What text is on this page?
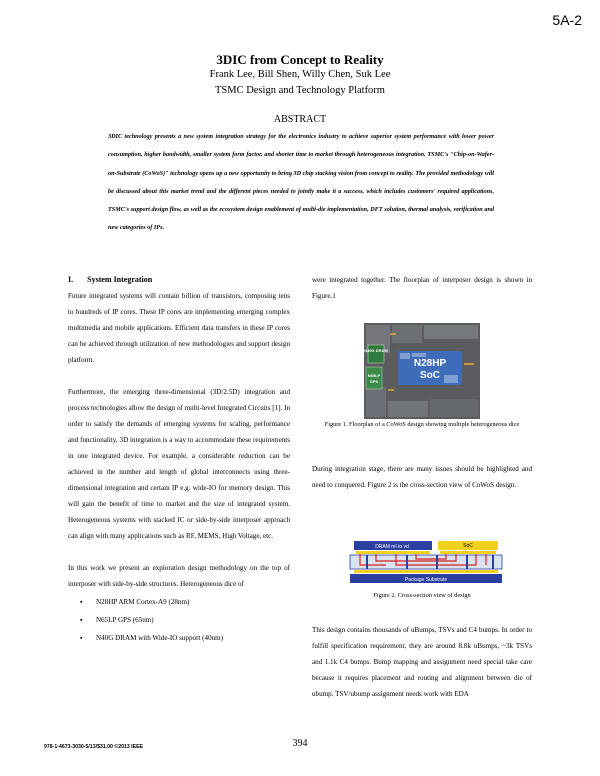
5A-2
3DIC from Concept to Reality
Frank Lee, Bill Shen, Willy Chen, Suk Lee
TSMC Design and Technology Platform
ABSTRACT
3DIC technology presents a new system integration strategy for the electronics industry to achieve superior system performance with lower power consumption, higher bandwidth, smaller system form factor, and shorter time to market through heterogeneous integration. TSMC's "Chip-on-Wafer-on-Substrate (CoWoS)" technology opens up a new opportunity to bring 3D chip stacking vision from concept to reality. The provided methodology will be discussed about this market trend and the different pieces needed to jointly make it a success, which includes customers' required applications, TSMC's support design flow, as well as the ecosystem design enablement of multi-die implementation, DFT solution, thermal analysis, verification and new categories of IPs.
I. System Integration

Future integrated systems will contain billion of transistors, composing tens to hundreds of IP cores. These IP cores are implementing emerging complex multimedia and mobile applications. Efficient data transfers in these IP cores can be achieved through utilization of new methodologies and support design platform.

Furthermore, the emerging three-dimensional (3D/2.5D) integration and process technologies allow the design of multi-level Integrated Circuits [1]. In order to satisfy the demands of emerging systems for scaling, performance and functionality, 3D integration is a way to accommodate these requirements in one integrated device. For example, a considerable reduction can be achieved in the number and length of global interconnects using three-dimensional integration and certain IP e.g. wide-IO for memory design. This will gain the benefit of time to market and the size of integrated system. Heterogeneous systems with stacked IC or side-by-side interposer approach can align with many applications such as RF, MEMS, High Voltage, etc.

In this work we present an exploration design methodology on the top of interposer with side-by-side structures. Heterogeneous dice of

▪ N28HP ARM Cortex-A9 (28nm)
▪ N65LP GPS (65nm)
▪ N40G DRAM with Wide-IO support (40nm)
were integrated together. The floorplan of interposer design is shown in Figure.1
N40G DRAM
N65LP
GPS
N28HP
SoC
Figure 1. Floorplan of a CoWoS design showing multiple heterogeneous dice
During integration stage, there are many issues should be highlighted and need to conquered. Figure 2 is the cross-section view of CoWoS design.
DRAM ml to vd	SoC
Package Substrate
Figure 2. Cross-section view of design
This design contains thousands of uBumps, TSVs and C4 bumps. In order to fulfill specification requirement, they are around 8.8k uBumps, ~3k TSVs and 1.1k C4 bumps. Bump mapping and assignment need special take care because it requires placement and routing and alignment between die of ubump. TSV/ubump assignment needs work with EDA
978-1-4673-3030-5/13/$31.00 ©2013 IEEE	394
